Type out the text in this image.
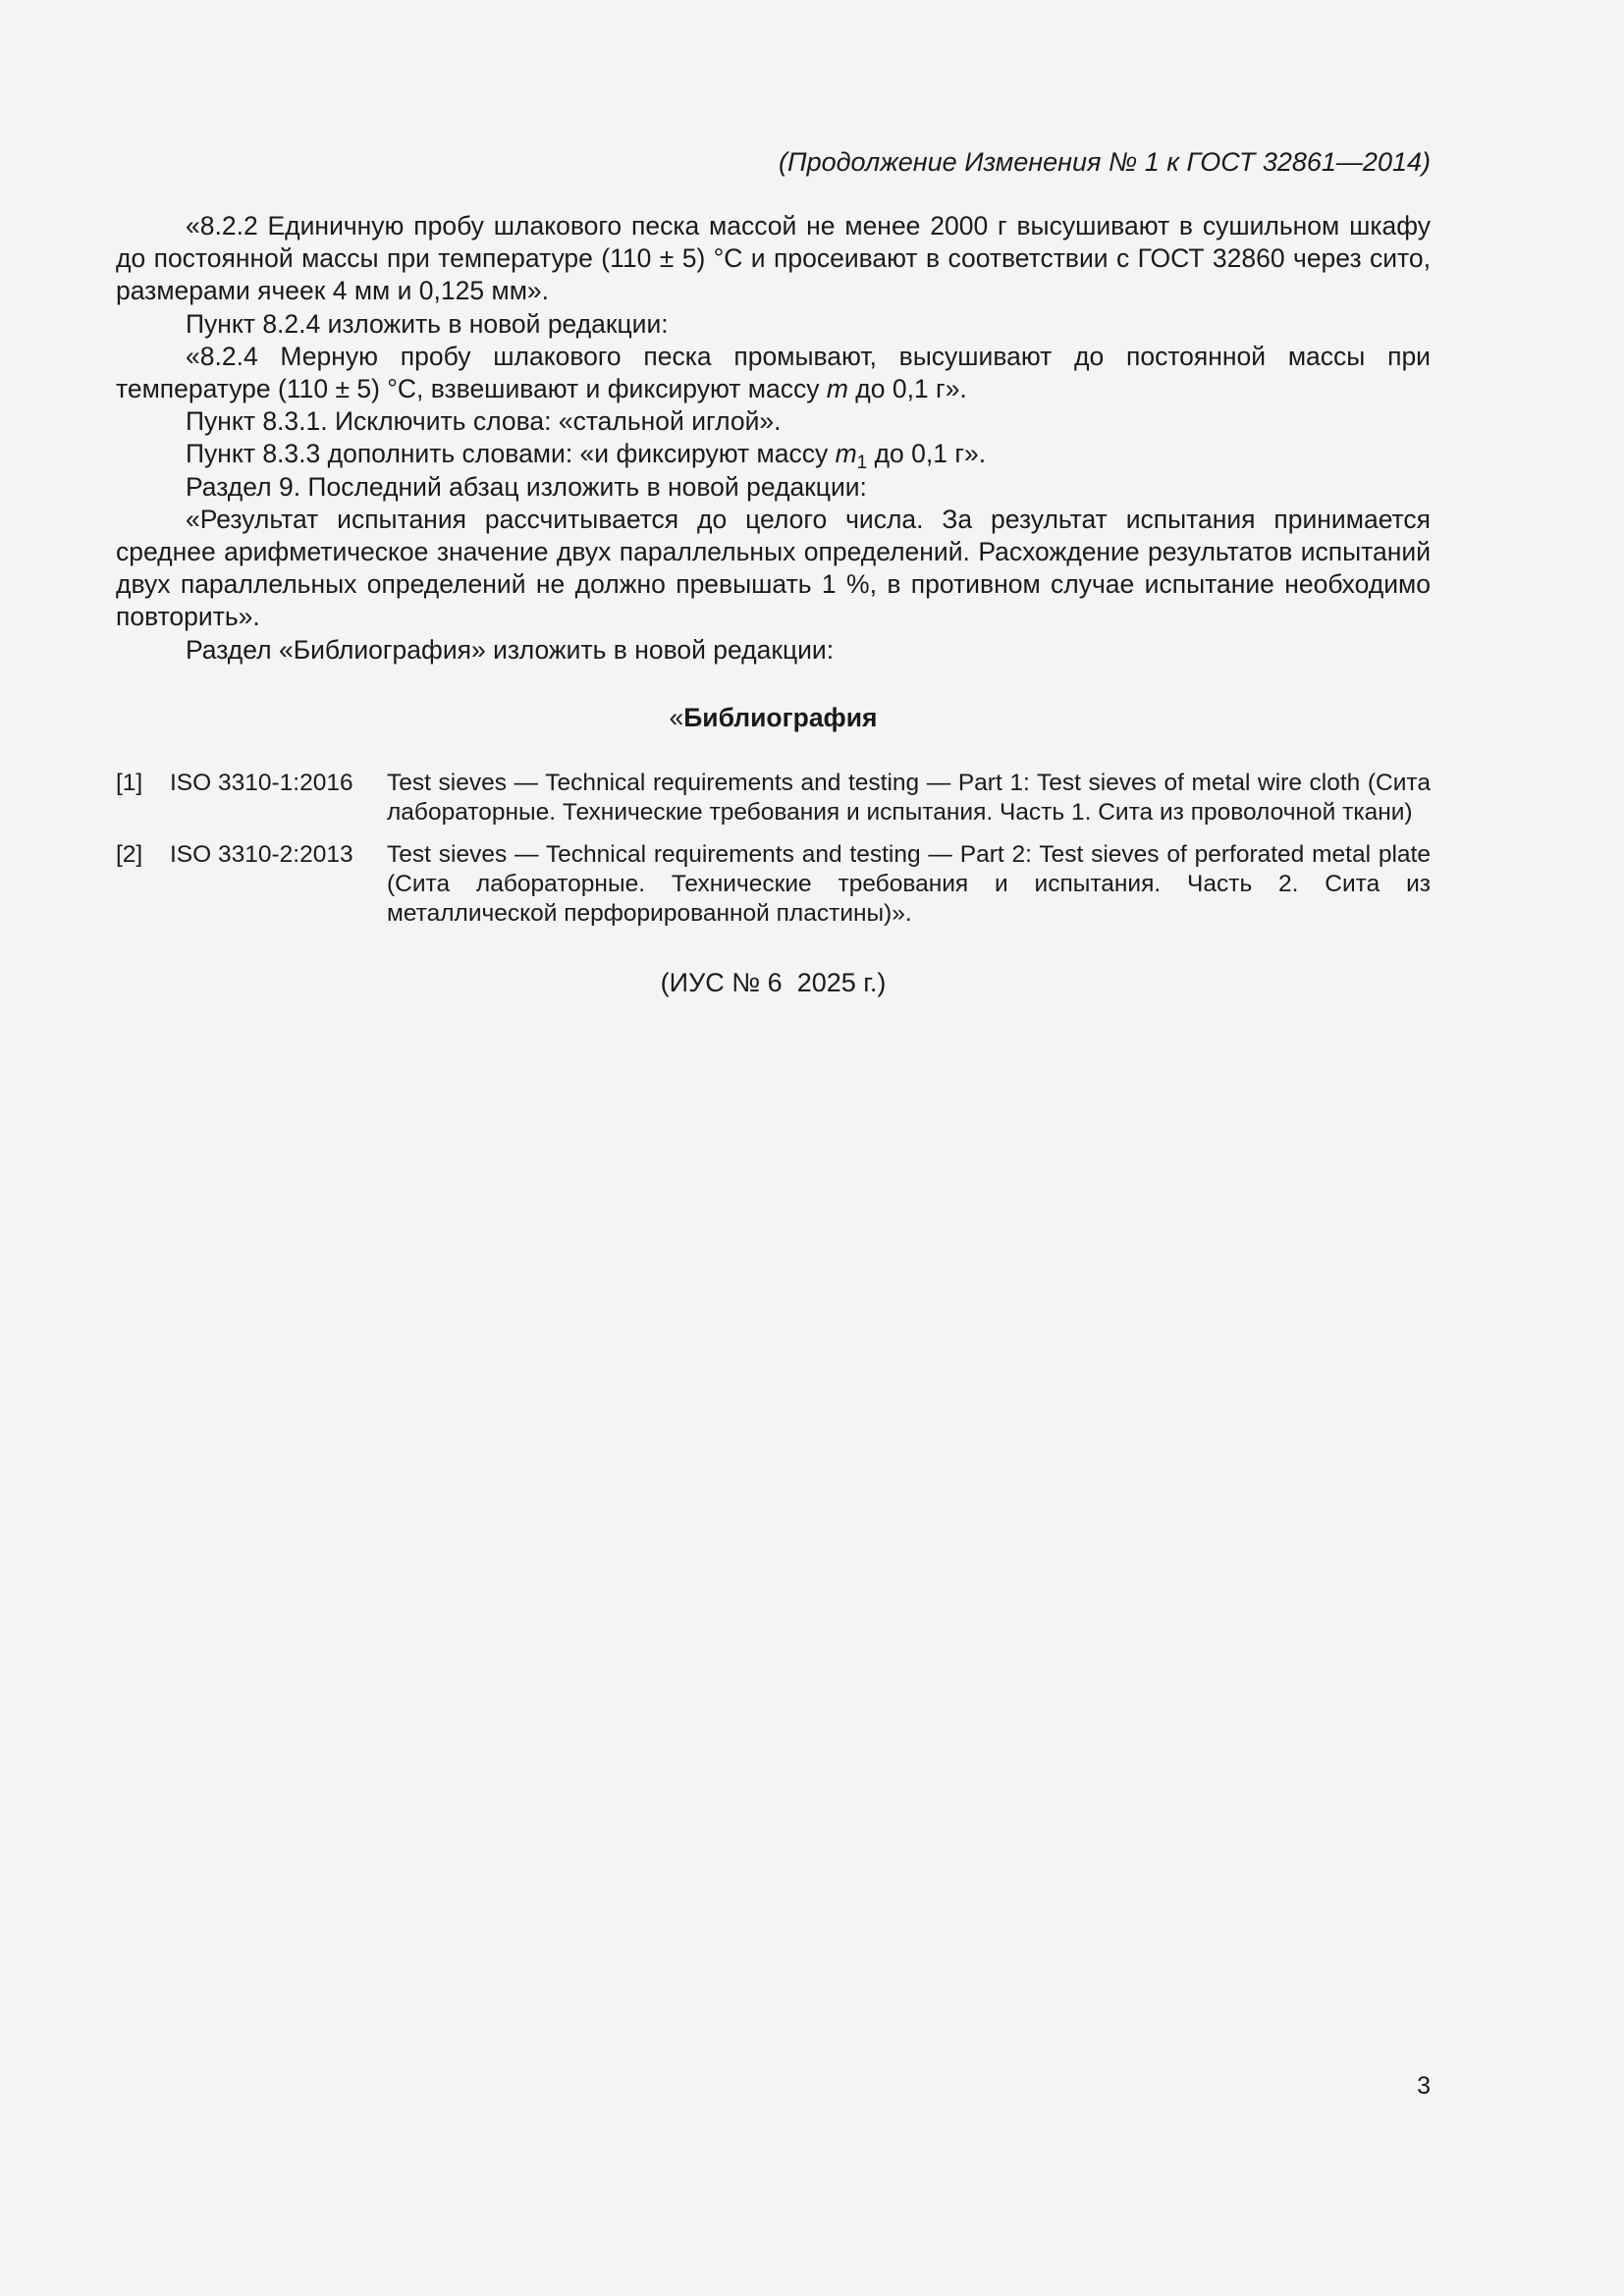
(Продолжение Изменения № 1 к ГОСТ 32861—2014)

«8.2.2 Единичную пробу шлакового песка массой не менее 2000 г высушивают в сушильном шкафу до постоянной массы при температуре (110 ± 5) °С и просеивают в соответствии с ГОСТ 32860 через сито, размерами ячеек 4 мм и 0,125 мм».

Пункт 8.2.4 изложить в новой редакции:

«8.2.4 Мерную пробу шлакового песка промывают, высушивают до постоянной массы при температуре (110 ± 5) °С, взвешивают и фиксируют массу m до 0,1 г».

Пункт 8.3.1. Исключить слова: «стальной иглой».

Пункт 8.3.3 дополнить словами: «и фиксируют массу $m_1$ до 0,1 г».

Раздел 9. Последний абзац изложить в новой редакции:

«Результат испытания рассчитывается до целого числа. За результат испытания принимается среднее арифметическое значение двух параллельных определений. Расхождение результатов испытаний двух параллельных определений не должно превышать 1 %, в противном случае испытание необходимо повторить».

Раздел «Библиография» изложить в новой редакции:

«Библиография
[1]	ISO 3310-1:2016	Test sieves — Technical requirements and testing — Part 1: Test sieves of metal wire cloth (Сита лабораторные. Технические требования и испытания. Часть 1. Сита из проволочной ткани)
[2]	ISO 3310-2:2013	Test sieves — Technical requirements and testing — Part 2: Test sieves of perforated metal plate (Сита лабораторные. Технические требования и испытания. Часть 2. Сита из металлической перфорированной пластины)».
(ИУС № 6  2025 г.)
3
